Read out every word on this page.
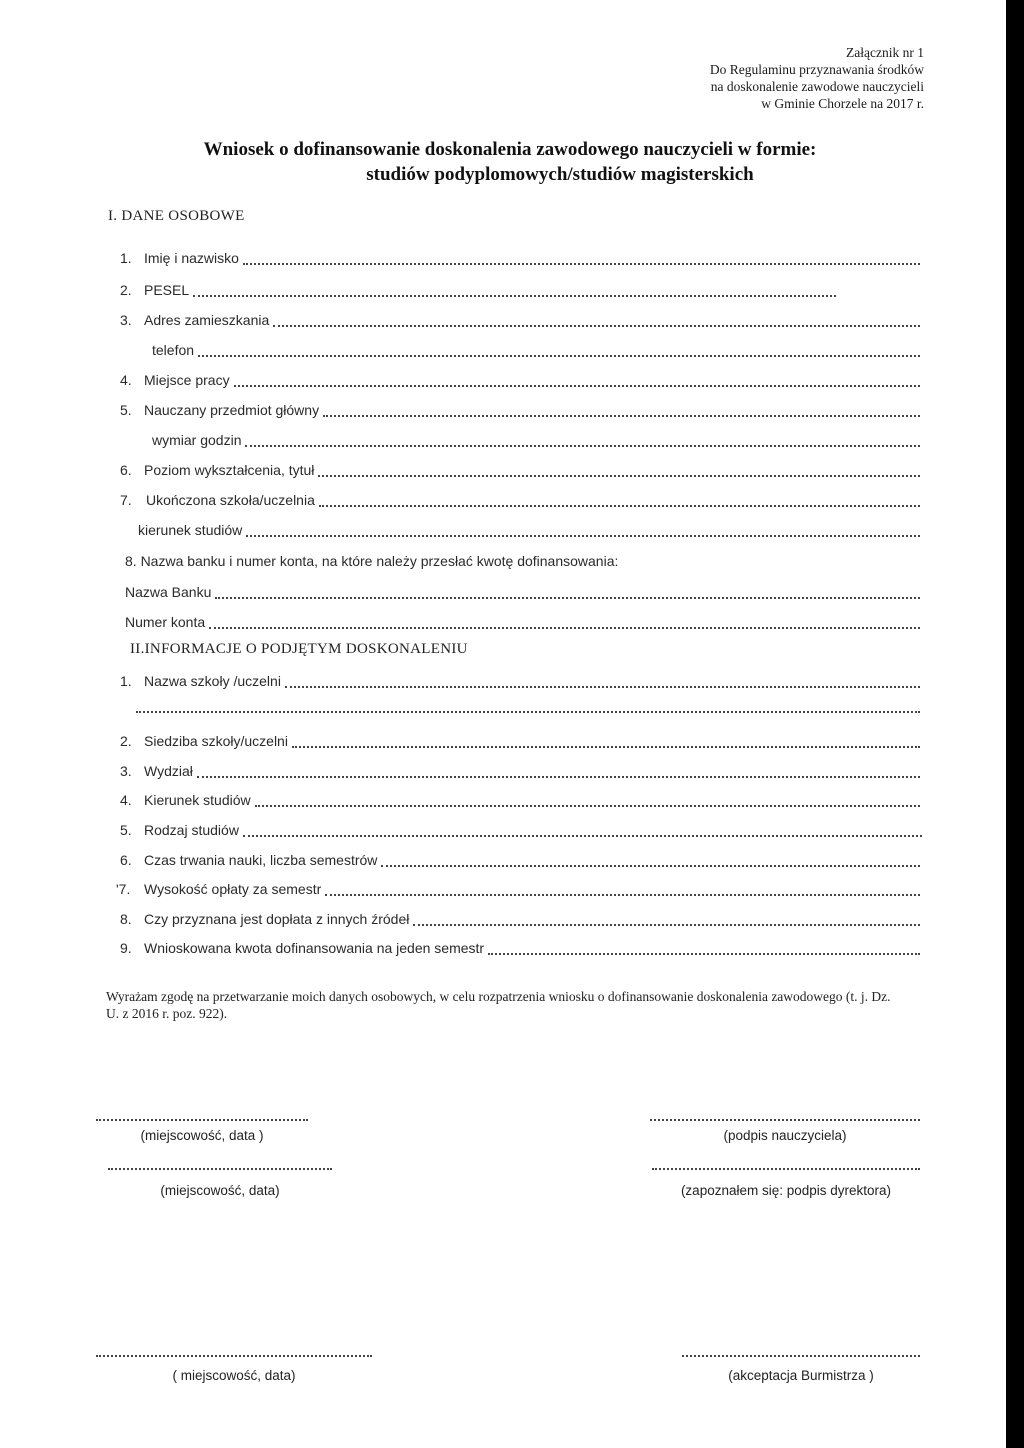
Załącznik nr 1
Do Regulaminu przyznawania środków
na doskonalenie zawodowe nauczycieli
w Gminie Chorzele na 2017 r.
Wniosek o dofinansowanie doskonalenia zawodowego nauczycieli w formie:
studiów podyplomowych/studiów magisterskich
I. DANE OSOBOWE
1. Imię i nazwisko
2. PESEL
3. Adres zamieszkania
telefon
4. Miejsce pracy
5. Nauczany przedmiot główny
wymiar godzin
6. Poziom wykształcenia, tytuł
7.	Ukończona szkoła/uczelnia
kierunek studiów
8. Nazwa banku i numer konta, na które należy przesłać kwotę dofinansowania:
Nazwa Banku
Numer konta
II.INFORMACJE O PODJĘTYM DOSKONALENIU
1. Nazwa szkoły /uczelni
2. Siedziba szkoły/uczelni
3. Wydział
4. Kierunek studiów
5. Rodzaj studiów
6. Czas trwania nauki, liczba semestrów
'7. Wysokość opłaty za semestr
8. Czy przyznana jest dopłata z innych źródeł
9. Wnioskowana kwota dofinansowania na jeden semestr
Wyrażam zgodę na przetwarzanie moich danych osobowych, w celu rozpatrzenia wniosku o dofinansowanie doskonalenia zawodowego (t. j. Dz. U. z 2016 r. poz. 922).
(miejscowość, data )	(podpis nauczyciela)
(miejscowość, data)	(zapoznałem się: podpis dyrektora)
( miejscowość, data)	(akceptacja Burmistrza )
